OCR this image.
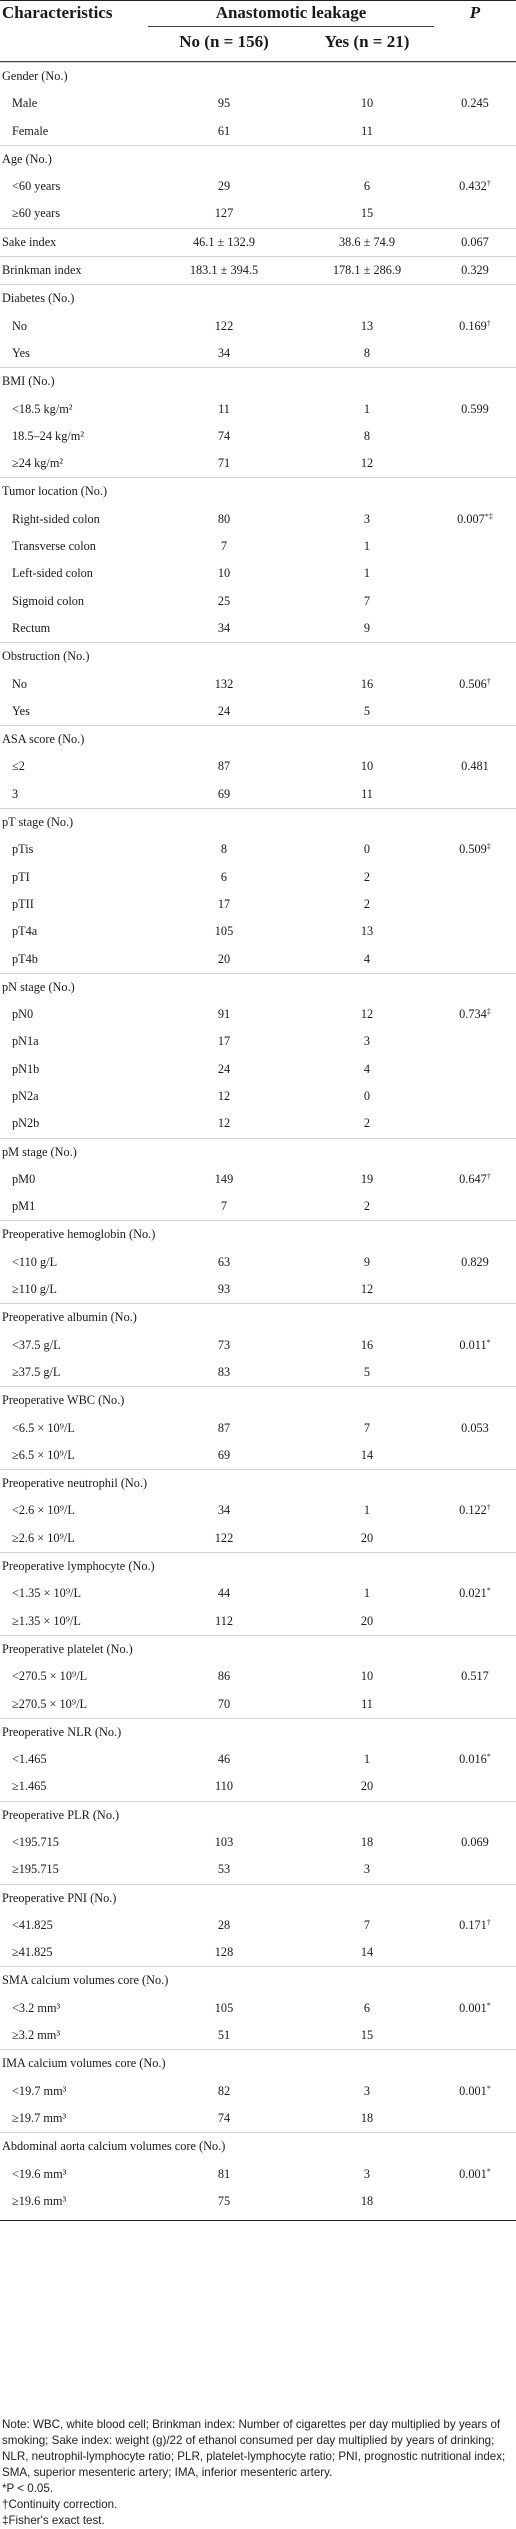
Characteristics	Anastomotic leakage
No (n = 156)	Yes (n = 21)
P
Gender (No.)
Male	95	10	0.245
Female	61	11
Age (No.)
<60 years	29	6	0.432†
≥60 years	127	15
Sake index	46.1 ± 132.9	38.6 ± 74.9	0.067
Brinkman index	183.1 ± 394.5	178.1 ± 286.9	0.329
Diabetes (No.)
No	122	13	0.169†
Yes	34	8
BMI (No.)
<18.5 kg/m²	11	1	0.599
18.5–24 kg/m²	74	8
≥24 kg/m²	71	12
Tumor location (No.)
Right-sided colon	80	3	0.007*‡
Transverse colon	7	1
Left-sided colon	10	1
Sigmoid colon	25	7
Rectum	34	9
Obstruction (No.)
No	132	16	0.506†
Yes	24	5
ASA score (No.)
≤2	87	10	0.481
3	69	11
pT stage (No.)
pTis	8	0	0.509‡
pTI	6	2
pTII	17	2
pT4a	105	13
pT4b	20	4
pN stage (No.)
pN0	91	12	0.734‡
pN1a	17	3
pN1b	24	4
pN2a	12	0
pN2b	12	2
pM stage (No.)
pM0	149	19	0.647†
pM1	7	2
Preoperative hemoglobin (No.)
<110 g/L	63	9	0.829
≥110 g/L	93	12
Preoperative albumin (No.)
<37.5 g/L	73	16	0.011*
≥37.5 g/L	83	5
Preoperative WBC (No.)
<6.5 × 10⁹/L	87	7	0.053
≥6.5 × 10⁹/L	69	14
Preoperative neutrophil (No.)
<2.6 × 10⁹/L	34	1	0.122†
≥2.6 × 10⁹/L	122	20
Preoperative lymphocyte (No.)
<1.35 × 10⁹/L	44	1	0.021*
≥1.35 × 10⁹/L	112	20
Preoperative platelet (No.)
<270.5 × 10⁹/L	86	10	0.517
≥270.5 × 10⁹/L	70	11
Preoperative NLR (No.)
<1.465	46	1	0.016*
≥1.465	110	20
Preoperative PLR (No.)
<195.715	103	18	0.069
≥195.715	53	3
Preoperative PNI (No.)
<41.825	28	7	0.171†
≥41.825	128	14
SMA calcium volumes core (No.)
<3.2 mm³	105	6	0.001*
≥3.2 mm³	51	15
IMA calcium volumes core (No.)
<19.7 mm³	82	3	0.001*
≥19.7 mm³	74	18
Abdominal aorta calcium volumes core (No.)
<19.6 mm³	81	3	0.001*
≥19.6 mm³	75	18
Note: WBC, white blood cell; Brinkman index: Number of cigarettes per day multiplied by years of smoking; Sake index: weight (g)/22 of ethanol consumed per day multiplied by years of drinking; NLR, neutrophil-lymphocyte ratio; PLR, platelet-lymphocyte ratio; PNI, prognostic nutritional index; SMA, superior mesenteric artery; IMA, inferior mesenteric artery.
*P < 0.05.
†Continuity correction.
‡Fisher's exact test.
